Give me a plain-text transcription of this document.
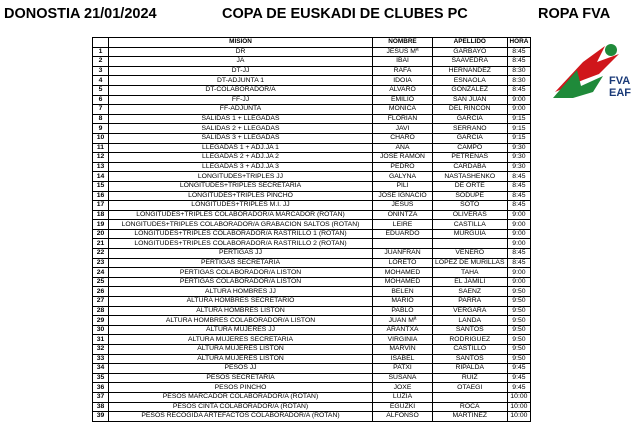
DONOSTIA 21/01/2024	COPA DE EUSKADI DE CLUBES PC	ROPA FVA
FVA
EAF
	MISION	NOMBRE	APELLIDO	HORA
1	DR	JESUS Mª	GARBAYO	8:45
2	JA	IBAI	SAAVEDRA	8:45
3	DT-JJ	RAFA	HERNANDEZ	8:30
4	DT-ADJUNTA 1	IDOIA	ESNAOLA	8:30
5	DT-COLABORADOR/A	ALVARO	GONZALEZ	8:45
6	FF-JJ	EMILIO	SAN JUAN	9:00
7	FF-ADJUNTA	MONICA	DEL RINCON	9:00
8	SALIDAS 1 + LLEGADAS	FLORIAN	GARCIA	9:15
9	SALIDAS 2 + LLEGADAS	JAVI	SERRANO	9:15
10	SALIDAS 3 + LLEGADAS	CHARO	GARCIA	9:15
11	LLEGADAS 1 + ADJ.JA 1	ANA	CAMPO	9:30
12	LLEGADAS 2 + ADJ.JA 2	JOSE RAMON	PETREÑAS	9:30
13	LLEGADAS 3 + ADJ.JA 3	PEDRO	CARDABA	9:30
14	LONGITUDES+TRIPLES JJ	GALYNA	NASTASHENKO	8:45
15	LONGITUDES+TRIPLES SECRETARIA	PILI	DE ORTE	8:45
16	LONGITUDES+TRIPLES PINCHO	JOSE IGNACIO	SODUPE	8:45
17	LONGITUDES+TRIPLES M.I. JJ	JESUS	SOTO	8:45
18	LONGITUDES+TRIPLES COLABORADOR/A MARCADOR (ROTAN)	ONINTZA	OLIVERAS	9:00
19	LONGITUDES+TRIPLES COLABORADOR/A GRABACION SALTOS (ROTAN)	LEIRE	CASTILLA	9:00
20	LONGITUDES+TRIPLES COLABORADOR/A RASTRILLO 1 (ROTAN)	EDUARDO	MURGUIA	9:00
21	LONGITUDES+TRIPLES COLABORADOR/A RASTRILLO 2 (ROTAN)			9:00
22	PERTIGAS JJ	JUANFRAN	VENERO	8:45
23	PERTIGAS SECRETARIA	LORETO	LOPEZ DE MURILLAS	8:45
24	PERTIGAS COLABORADOR/A LISTON	MOHAMED	TAHA	9:00
25	PERTIGAS COLABORADOR/A LISTON	MOHAMED	EL JAMILI	9:00
26	ALTURA HOMBRES JJ	BELEN	SAENZ	9:50
27	ALTURA HOMBRES SECRETARIO	MARIO	PARRA	9:50
28	ALTURA HOMBRES LISTON	PABLO	VERGARA	9:50
29	ALTURA HOMBRES COLABORADOR/A LISTON	JUAN Mª	LANDA	9:50
30	ALTURA MUJERES JJ	ARANTXA	SANTOS	9:50
31	ALTURA MUJERES SECRETARIA	VIRGINIA	RODRIGUEZ	9:50
32	ALTURA MUJERES LISTON	MARVIN	CASTILLO	9:50
33	ALTURA MUJERES LISTON	ISABEL	SANTOS	9:50
34	PESOS JJ	PATXI	RIPALDA	9:45
35	PESOS SECRETARIA	SUSANA	RUIZ	9:45
36	PESOS PINCHO	JOXE	OTAEGI	9:45
37	PESOS MARCADOR COLABORADOR/A (ROTAN)	LUZIA		10:00
38	PESOS CINTA COLABORADOR/A (ROTAN)	EGUZKI	ROCA	10:00
39	PESOS RECOGIDA ARTEFACTOS COLABORADOR/A (ROTAN)	ALFONSO	MARTINEZ	10:00
